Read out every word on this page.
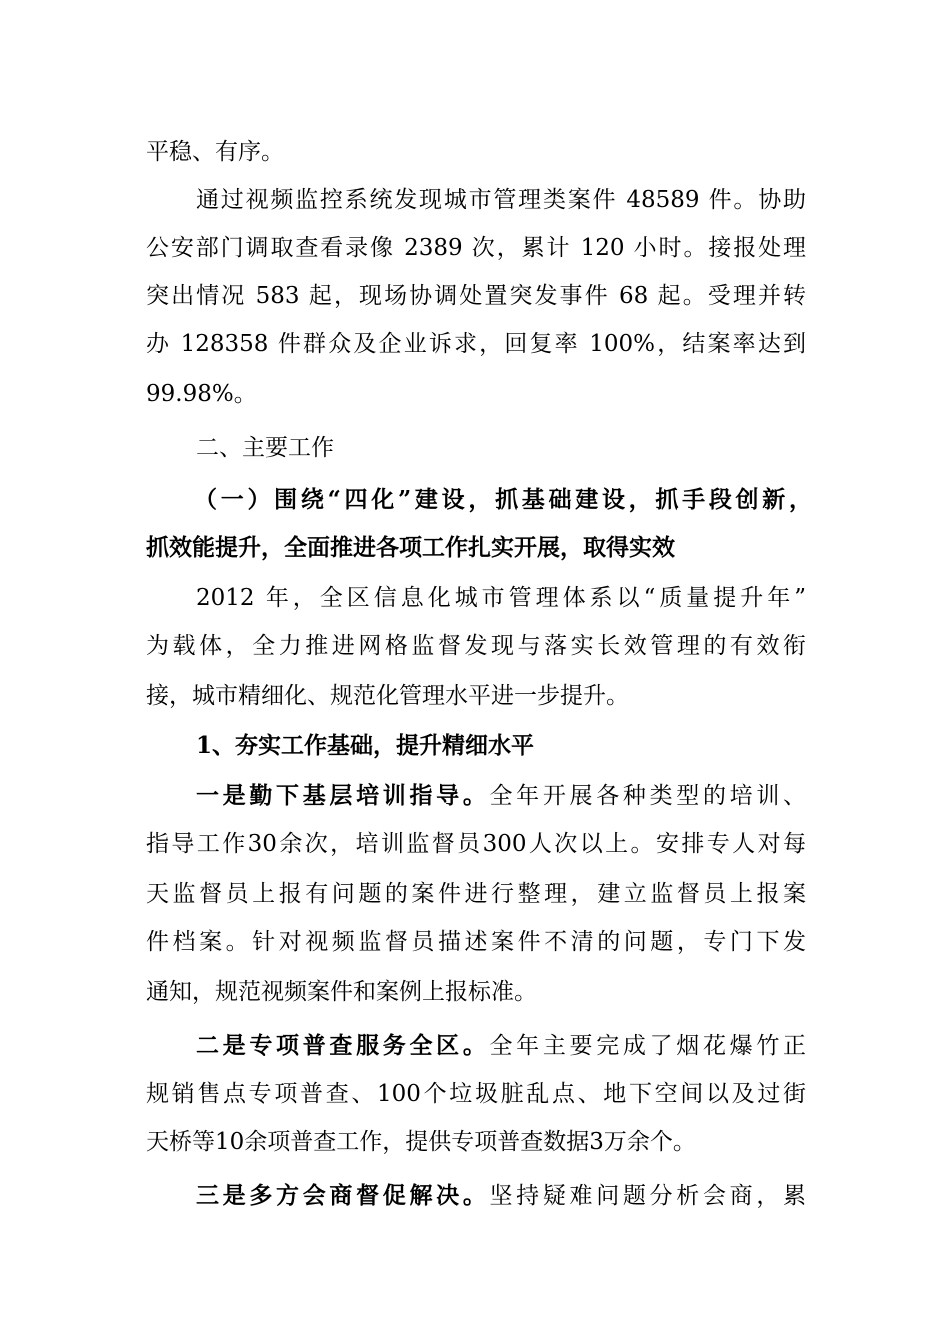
平稳、有序。

通过视频监控系统发现城市管理类案件 48589 件。协助

公安部门调取查看录像 2389 次，累计 120 小时。接报处理

突出情况 583 起，现场协调处置突发事件 68 起。受理并转

办 128358 件群众及企业诉求，回复率 100%，结案率达到

99.98%。

二、主要工作

（一）围绕“四化”建设，抓基础建设，抓手段创新，

抓效能提升，全面推进各项工作扎实开展，取得实效

2012 年，全区信息化城市管理体系以“质量提升年”

为载体，全力推进网格监督发现与落实长效管理的有效衔

接，城市精细化、规范化管理水平进一步提升。

1、夯实工作基础，提升精细水平

一是勤下基层培训指导。全年开展各种类型的培训、

指导工作30余次，培训监督员300人次以上。安排专人对每

天监督员上报有问题的案件进行整理，建立监督员上报案

件档案。针对视频监督员描述案件不清的问题，专门下发

通知，规范视频案件和案例上报标准。

二是专项普查服务全区。全年主要完成了烟花爆竹正

规销售点专项普查、100个垃圾脏乱点、地下空间以及过街

天桥等10余项普查工作，提供专项普查数据3万余个。

三是多方会商督促解决。坚持疑难问题分析会商，累
